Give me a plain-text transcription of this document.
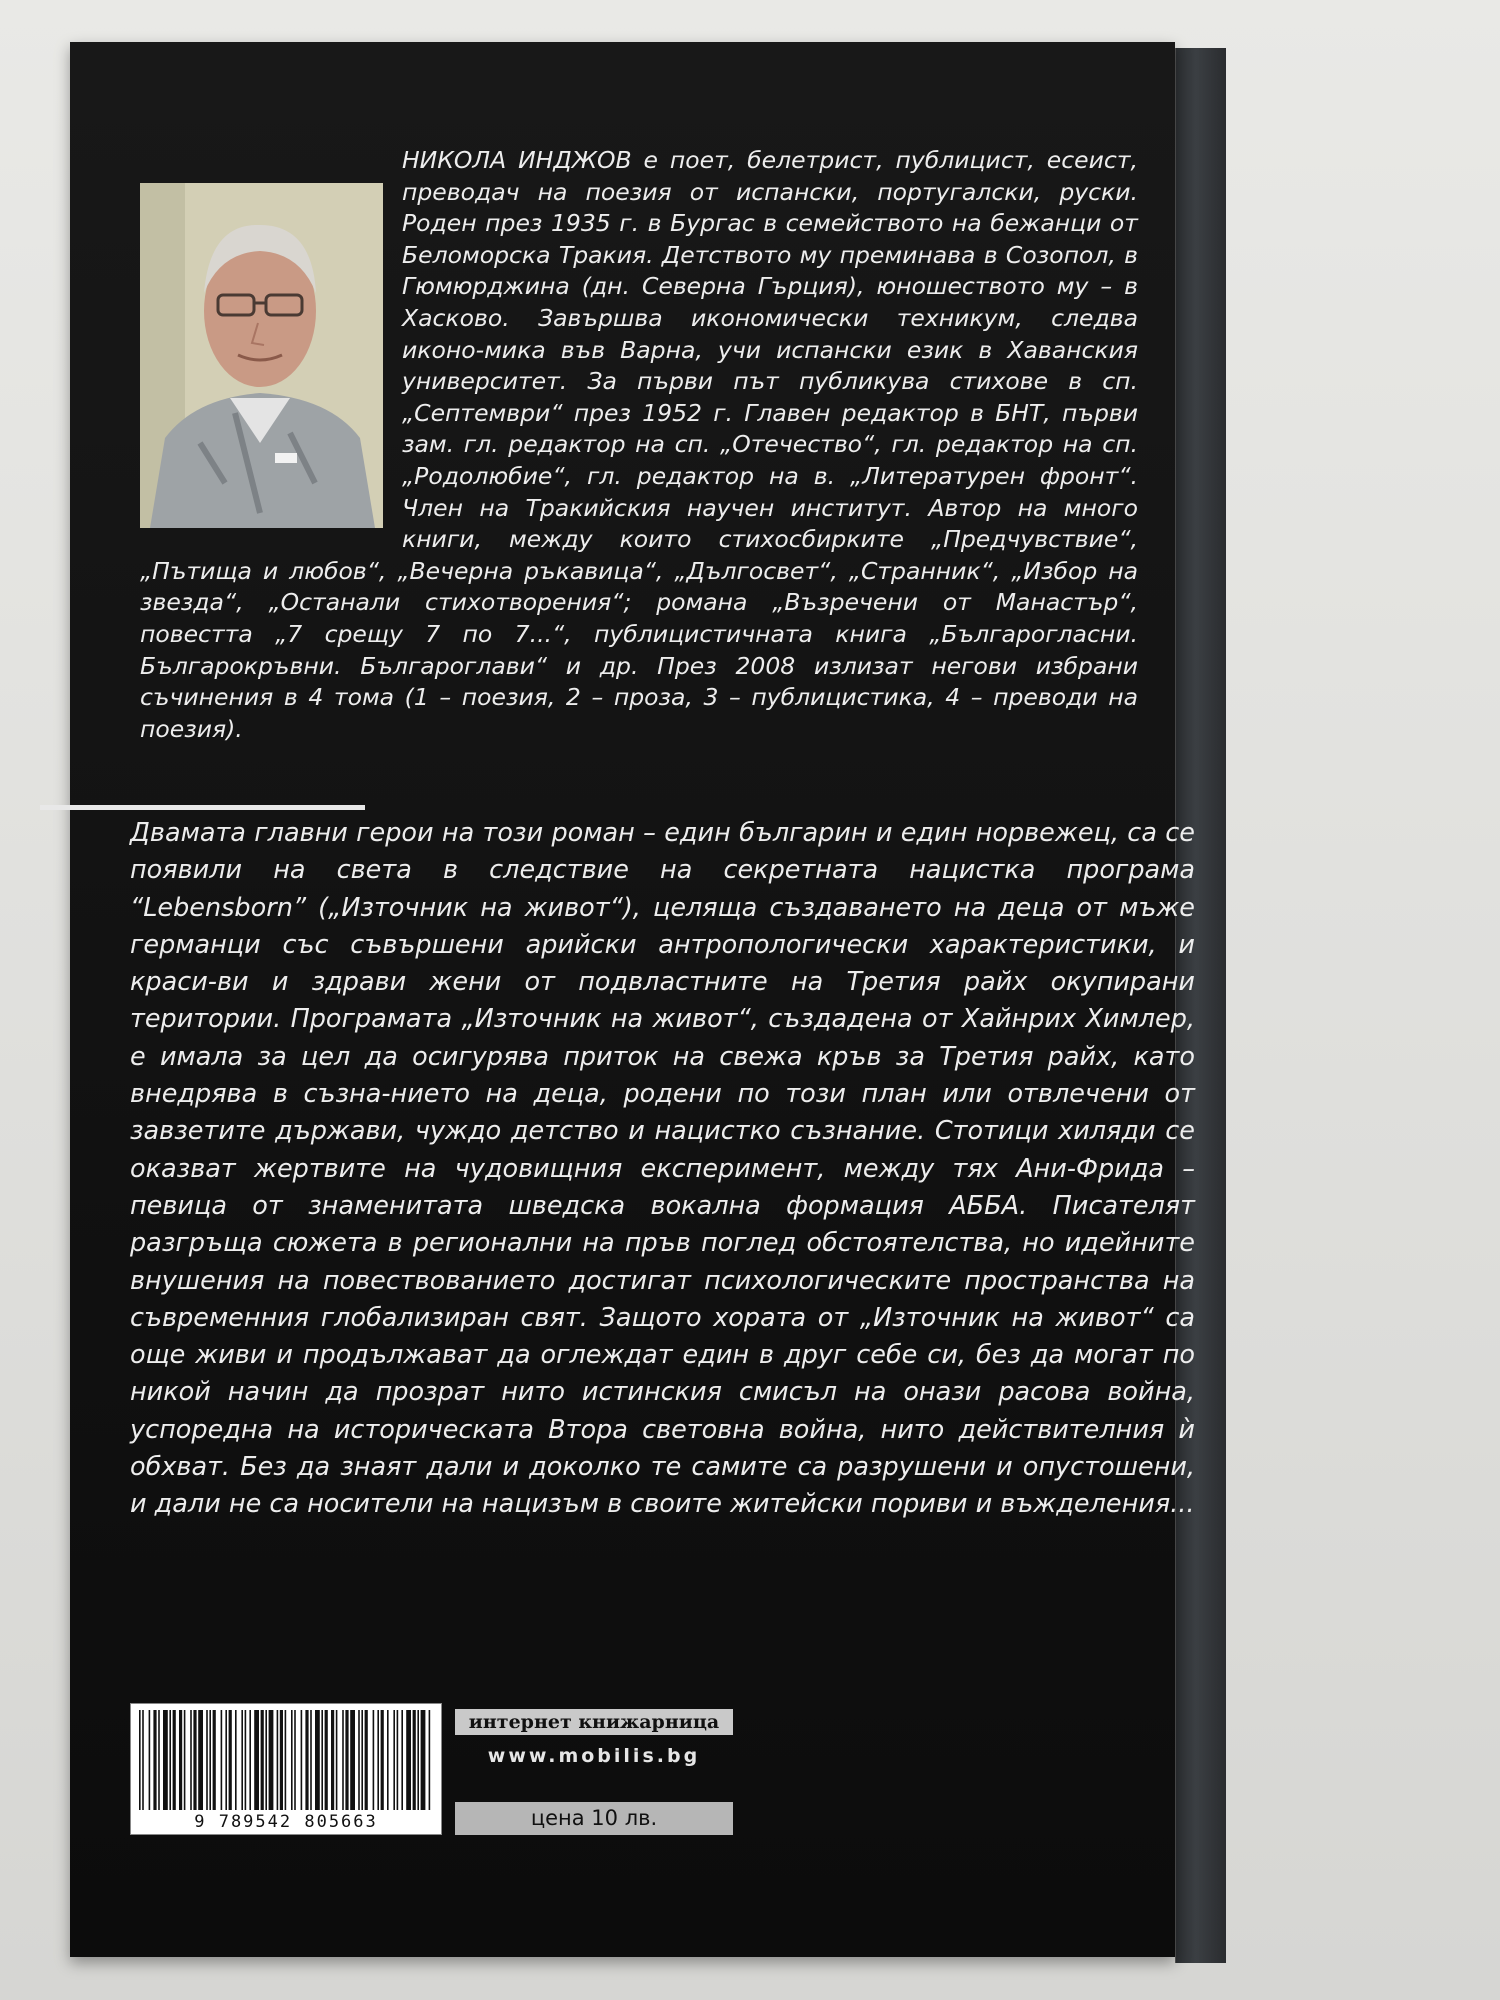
НИКОЛА ИНДЖОВ е поет, белетрист, публицист, есеист, преводач на поезия от испански, португалски, руски. Роден през 1935 г. в Бургас в семейството на бежанци от Беломорска Тракия. Детството му преминава в Созопол, в Гюмюрджина (дн. Северна Гърция), юношеството му – в Хасково. Завършва икономически техникум, следва иконо-мика във Варна, учи испански език в Хаванския университет. За първи път публикува стихове в сп. „Септември“ през 1952 г. Главен редактор в БНТ, първи зам. гл. редактор на сп. „Отечество“, гл. редактор на сп. „Родолюбие“, гл. редактор на в. „Литературен фронт“. Член на Тракийския научен институт. Автор на много книги, между които стихосбирките „Предчувствие“, „Пътища и любов“, „Вечерна ръкавица“, „Дългосвет“, „Странник“, „Избор на звезда“, „Останали стихотворения“; романа „Възречени от Манастър“, повестта „7 срещу 7 по 7...“, публицистичната книга „Българогласни. Българокръвни. Българоглави“ и др. През 2008 излизат негови избрани съчинения в 4 тома (1 – поезия, 2 – проза, 3 – публицистика, 4 – преводи на поезия).

Двамата главни герои на този роман – един българин и един норвежец, са се появили на света в следствие на секретната нацистка програма “Lebensborn” („Източник на живот“), целяща създаването на деца от мъже германци със съвършени арийски антропологически характеристики, и краси-ви и здрави жени от подвластните на Третия райх окупирани територии. Програмата „Източник на живот“, създадена от Хайнрих Химлер, е имала за цел да осигурява приток на свежа кръв за Третия райх, като внедрява в съзна-нието на деца, родени по този план или отвлечени от завзетите държави, чуждо детство и нацистко съзнание. Стотици хиляди се оказват жертвите на чудовищния експеримент, между тях Ани-Фрида – певица от знаменитата шведска вокална формация АББА. Писателят разгръща сюжета в регионални на пръв поглед обстоятелства, но идейните внушения на повествованието достигат психологическите пространства на съвременния глобализиран свят. Защото хората от „Източник на живот“ са още живи и продължават да оглеждат един в друг себе си, без да могат по никой начин да прозрат нито истинския смисъл на онази расова война, успоредна на историческата Втора световна война, нито действителния ѝ обхват. Без да знаят дали и доколко те самите са разрушени и опустошени, и дали не са носители на нацизъм в своите житейски пориви и въжделения...

9 789542 805663
интернет книжарница
www.mobilis.bg
цена 10 лв.
